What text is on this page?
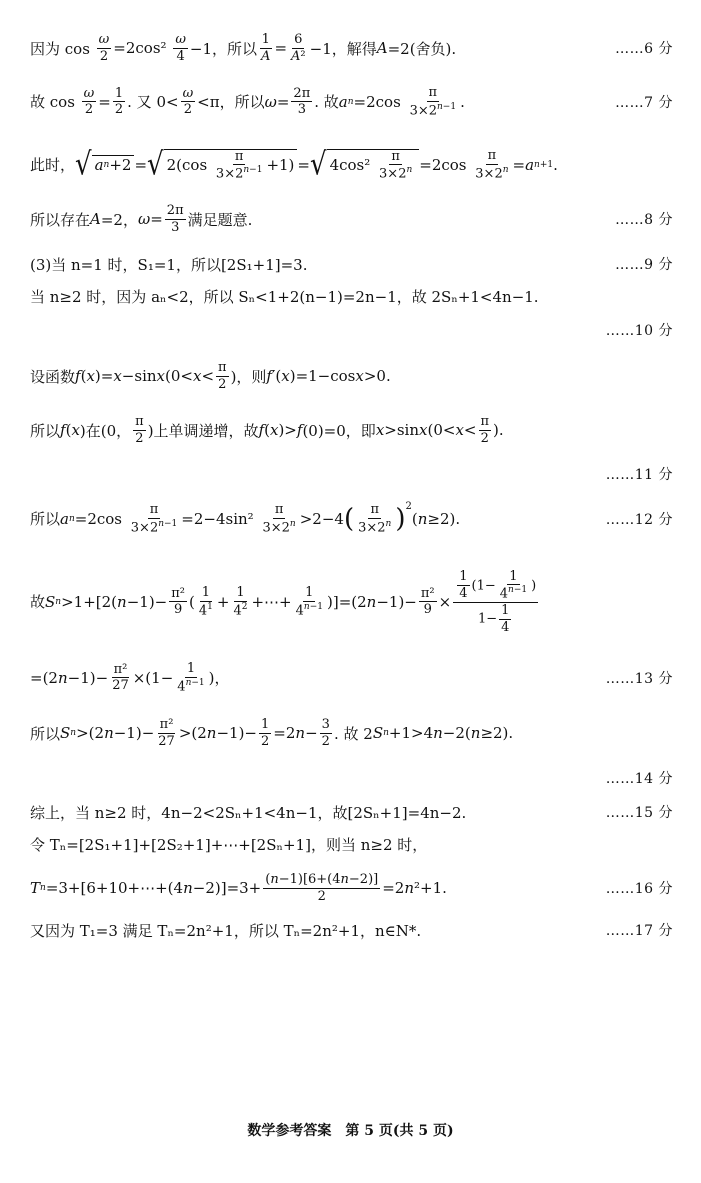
因为 $\cos \frac{\omega}{2} =2\cos^2 \frac{\omega}{4} -1$，所以 $\frac{1}{A} = \frac{6}{\text{A²}} -1$，解得 A =2(舍负).	……6 分
故 $\cos \frac{\omega}{2} = \frac{1}{2}$ . 又 $0< \frac{\omega}{2} <\pi$，所以 $\omega = \frac{2\pi}{3}$ . 故 a $n =2\cos \frac{\pi}{3\times 2^{n-1}}$ .	……7 分
此时， √ a n +2 = √ $2(\cos \frac{\pi}{3\times 2^{n-1}} +1)$ = √ $4\cos^2 \frac{\pi}{3\times 2^n} =2\cos \frac{\pi}{3\times 2^n} = a$ n+1 .
所以存在 A =2， $\omega = \frac{2\pi}{3}$ 满足题意.	……8 分
(3)当 n=1 时，S₁=1，所以[2S₁+1]=3.	……9 分
当 n≥2 时，因为 aₙ<2，所以 Sₙ<1+2(n−1)=2n−1，故 2Sₙ+1<4n−1.
……10 分
设函数 f ( x )= x −sin x ($0< x < \frac{\pi}{2}$ )，则 f ′( x )=1−cos x >0.
所以 f ( x )在(0， $\frac{\pi}{2}$ )上单调递增，故 f ( x )> f (0)=0，即 x >sin x ($0< x < \frac{\pi}{2}$ ).
……11 分
所以 a $n =2\cos \frac{\pi}{3\times 2^{n-1}} =2-4\sin^2 \frac{\pi}{3\times 2^n} >2-4$ ( $\frac{\pi}{3\times 2^n} )^2$
( n ≥2).	……12 分
故 S n >1+[2( $n -1)- \frac{\text{π²}}{9}$ ( $\frac{1}{4^1} + \frac{1}{4^2}$ +⋯+ $\frac{1}{4^{n-1}} )]=(2$ $n -1)- \frac{\text{π²}}{9} \times \frac{\frac{1}{4} (1- \frac{1}{4^{n-1}} )}{1- \frac{1}{4}}$
=(2 $n -1)- \frac{\text{π²}}{27} \times(1- \frac{1}{4^{n-1}}$ )，	……13 分
所以 S n >(2 $n -1)- \frac{\text{π²}}{27} >(2$ $n -1)- \frac{1}{2} =2$ $n - \frac{3}{2}$ . 故 2 S n +1>4 n −2( n ≥2).
……14 分
综上，当 n≥2 时，4n−2<2Sₙ+1<4n−1，故[2Sₙ+1]=4n−2.	……15 分
令 Tₙ=[2S₁+1]+[2S₂+1]+⋯+[2Sₙ+1]，则当 n≥2 时，
T n =3+[6+10+⋯+(4 $n -2)]=3+ \frac{(n-1)[6+(4n-2)]}{2} =2$ n ²+1.	……16 分
又因为 T₁=3 满足 Tₙ=2n²+1，所以 Tₙ=2n²+1，n∈N*.	……17 分
数学参考答案　第 5 页(共 5 页)
